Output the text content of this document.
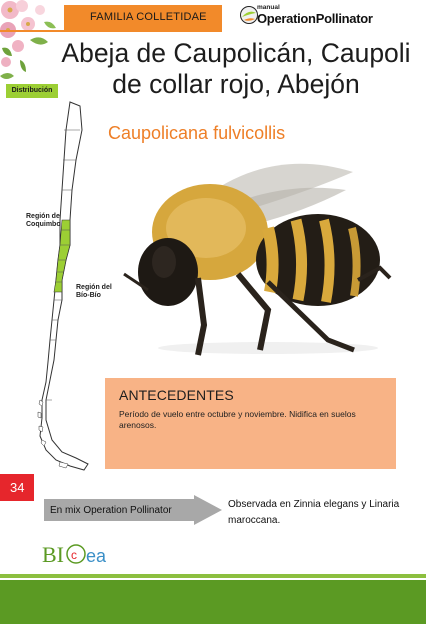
FAMILIA COLLETIDAE
manual
OperationPollinator
Abeja de Caupolicán, Caupoli
de collar rojo, Abejón
Distribución
Caupolicana fulvicollis
Región de
Coquimbo
Región del
Bío-Bío
ANTECEDENTES
Período de vuelo entre octubre y noviembre. Nidifica en suelos arenosos.
34
En mix Operation Pollinator
Observada en Zinnia elegans y Linaria maroccana.
BI c ea
